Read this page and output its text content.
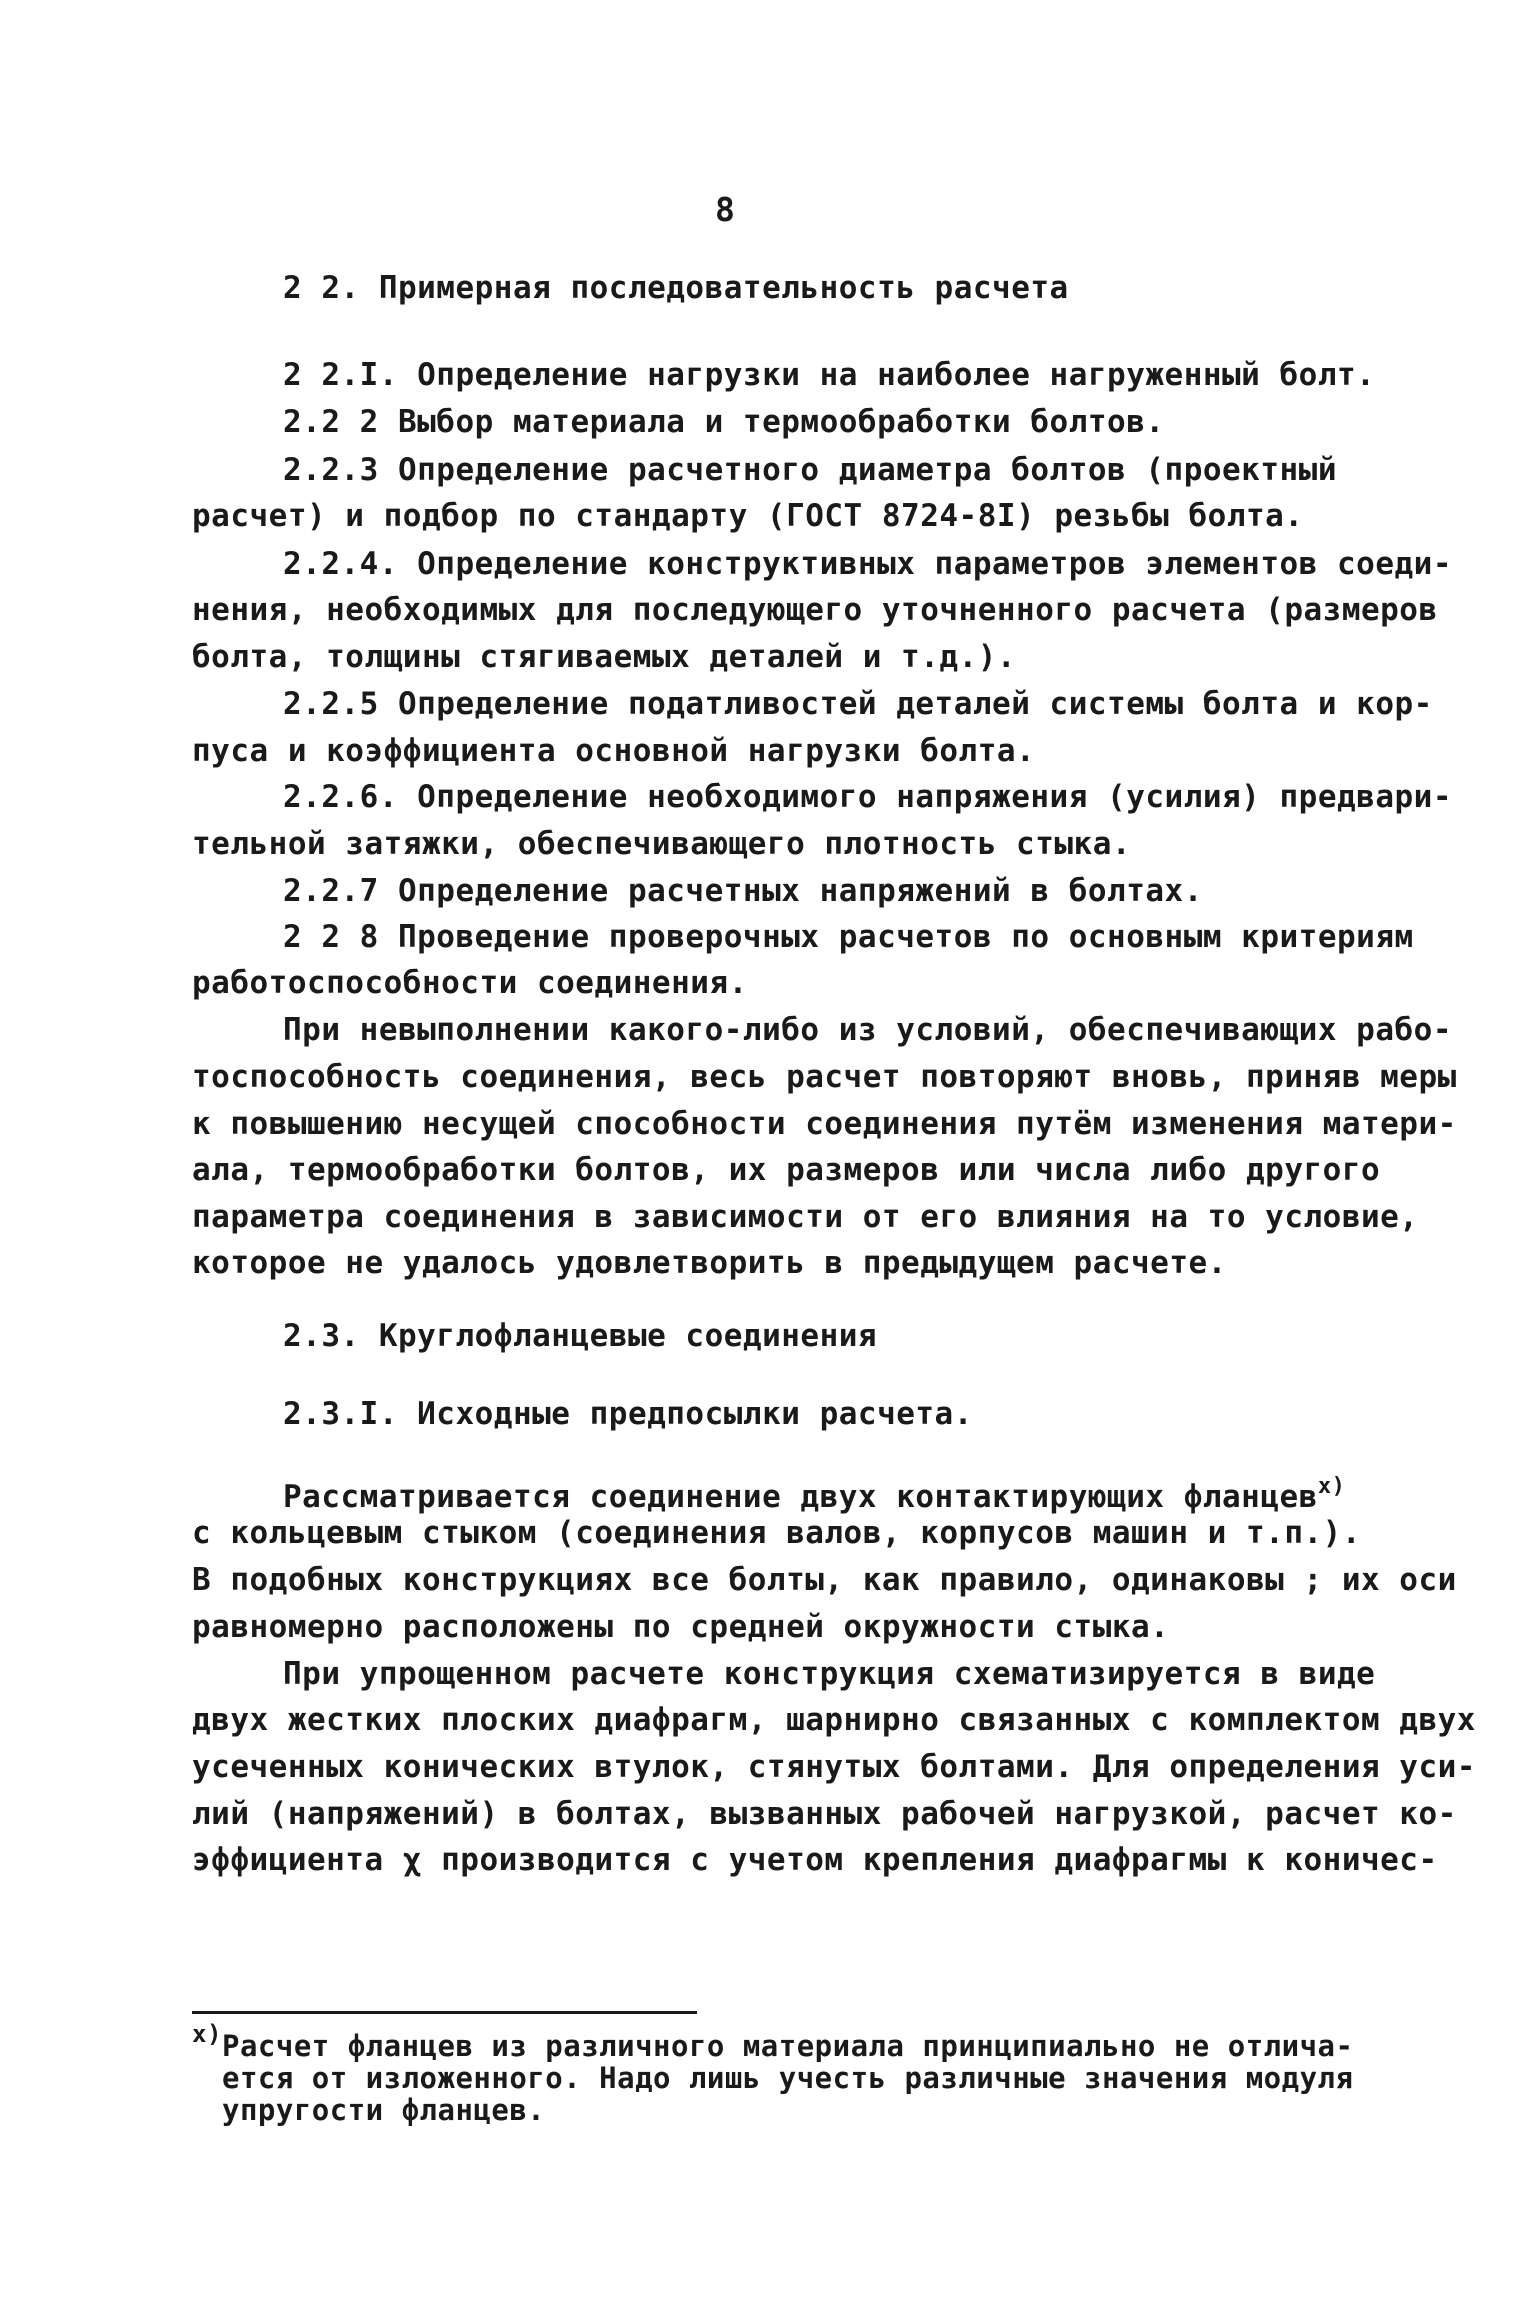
8
2 2. Примерная последовательность расчета
2 2.I. Определение нагрузки на наиболее нагруженный болт.
2.2 2 Выбор материала и термообработки болтов.
2.2.3 Определение расчетного диаметра болтов (проектный
расчет) и подбор по стандарту (ГОСТ 8724-8I) резьбы болта.
2.2.4. Определение конструктивных параметров элементов соеди-
нения, необходимых для последующего уточненного расчета (размеров
болта, толщины стягиваемых деталей и т.д.).
2.2.5 Определение податливостей деталей системы болта и кор-
пуса и коэффициента основной нагрузки болта.
2.2.6. Определение необходимого напряжения (усилия) предвари-
тельной затяжки, обеспечивающего плотность стыка.
2.2.7 Определение расчетных напряжений в болтах.
2 2 8 Проведение проверочных расчетов по основным критериям
работоспособности соединения.
При невыполнении какого-либо из условий, обеспечивающих рабо-
тоспособность соединения, весь расчет повторяют вновь, приняв меры
к повышению несущей способности соединения путём изменения матери-
ала, термообработки болтов, их размеров или числа либо другого
параметра соединения в зависимости от его влияния на то условие,
которое не удалось удовлетворить в предыдущем расчете.
2.3. Круглофланцевые соединения
2.3.I. Исходные предпосылки расчета.
Рассматривается соединение двух контактирующих фланцев$^{x)}$
с кольцевым стыком (соединения валов, корпусов машин и т.п.).
В подобных конструкциях все болты, как правило, одинаковы ; их оси
равномерно расположены по средней окружности стыка.
При упрощенном расчете конструкция схематизируется в виде
двух жестких плоских диафрагм, шарнирно связанных с комплектом двух
усеченных конических втулок, стянутых болтами. Для определения уси-
лий (напряжений) в болтах, вызванных рабочей нагрузкой, расчет ко-
эффициента χ производится с учетом крепления диафрагмы к коничес-
x) Расчет фланцев из различного материала принципиально не отлича-
ется от изложенного. Надо лишь учесть различные значения модуля
упругости фланцев.
